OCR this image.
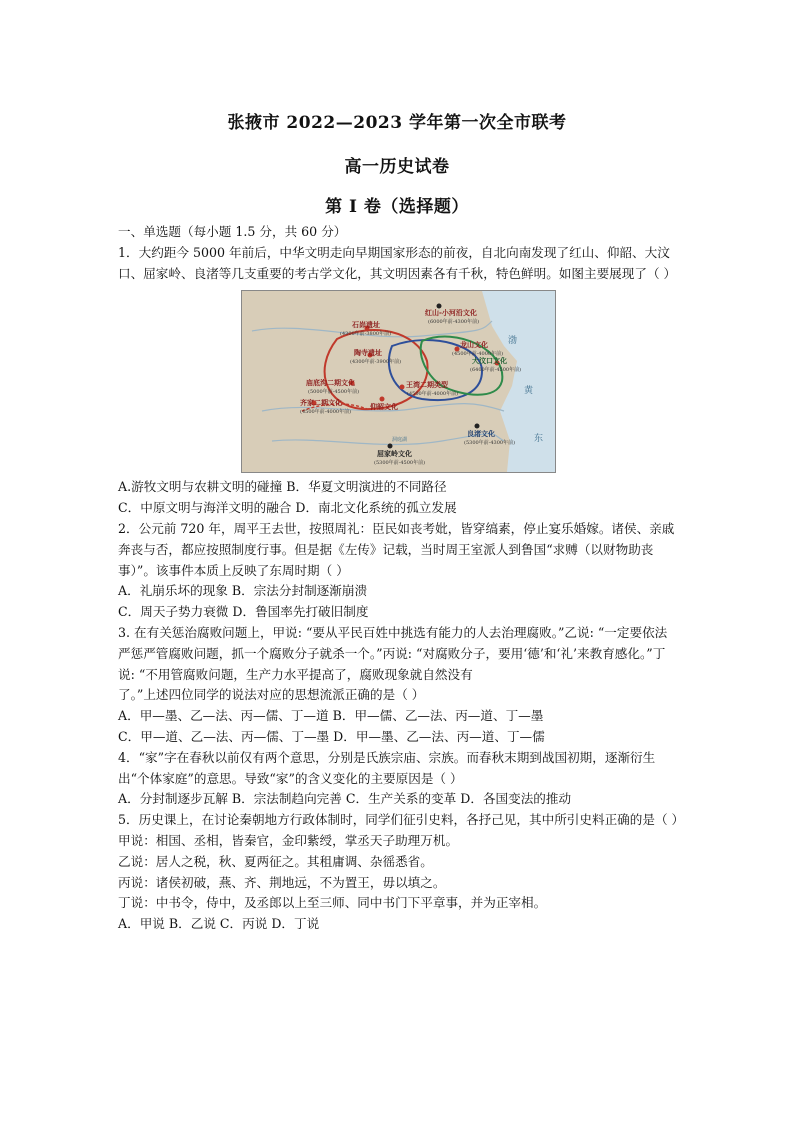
张掖市 2022—2023 学年第一次全市联考
高一历史试卷
第 I 卷（选择题）

一、单选题（每小题 1.5 分，共 60 分）

1．大约距今 5000 年前后，中华文明走向早期国家形态的前夜，自北向南发现了红山、仰韶、大汶口、屈家岭、良渚等几支重要的考古学文化，其文明因素各有千秋，特色鲜明。如图主要展现了（ ）

红山-小河沿文化
(6000年前-4300年前)
石峁遗址
(4300年前-3800年前)
龙山文化
(4500年前-4000年前)
大汶口文化
(6400年前-4500年前)
陶寺遗址
(4300年前-3900年前)
王湾二期类型
(4500年前-4000年前)
庙底沟二期文化
(5000年前-4500年前)
仰韶文化
齐家二期文化
(4500年前-4000年前)
良渚文化
(5300年前-4300年前)
屈家岭文化
(5300年前-4500年前)
渤
黄
东
洞庭湖

A.游牧文明与农耕文明的碰撞 B．华夏文明演进的不同路径

C．中原文明与海洋文明的融合 D．南北文化系统的孤立发展

2．公元前 720 年，周平王去世，按照周礼：臣民如丧考妣，皆穿缟素，停止宴乐婚嫁。诸侯、亲戚奔丧与否，都应按照制度行事。但是据《左传》记载，当时周王室派人到鲁国“求赙（以财物助丧事）”。该事件本质上反映了东周时期（ ）

A．礼崩乐坏的现象 B．宗法分封制逐渐崩溃

C．周天子势力衰微 D．鲁国率先打破旧制度

3. 在有关惩治腐败问题上，甲说: “要从平民百姓中挑选有能力的人去治理腐败。”乙说: “一定要依法严惩严管腐败问题，抓一个腐败分子就杀一个。”丙说: “对腐败分子，要用‘德’和‘礼’来教育感化。”丁说: “不用管腐败问题，生产力水平提高了，腐败现象就自然没有

了。”上述四位同学的说法对应的思想流派正确的是（ ）

A．甲—墨、乙—法、丙—儒、丁—道 B．甲—儒、乙—法、丙—道、丁—墨

C．甲—道、乙—法、丙—儒、丁—墨 D．甲—墨、乙—法、丙—道、丁—儒

4．“家”字在春秋以前仅有两个意思，分别是氏族宗庙、宗族。而春秋末期到战国初期，逐渐衍生出“个体家庭”的意思。导致“家”的含义变化的主要原因是（ ）

A．分封制逐步瓦解 B．宗法制趋向完善 C．生产关系的变革 D．各国变法的推动

5．历史课上，在讨论秦朝地方行政体制时，同学们征引史料，各抒己见，其中所引史料正确的是（ ）

甲说：相国、丞相，皆秦官，金印紫绶，掌丞天子助理万机。

乙说：居人之税，秋、夏两征之。其租庸调、杂徭悉省。

丙说：诸侯初破，燕、齐、荆地远，不为置王，毋以填之。

丁说：中书令，侍中，及丞郎以上至三师、同中书门下平章事，并为正宰相。

A．甲说 B．乙说 C．丙说 D．丁说
